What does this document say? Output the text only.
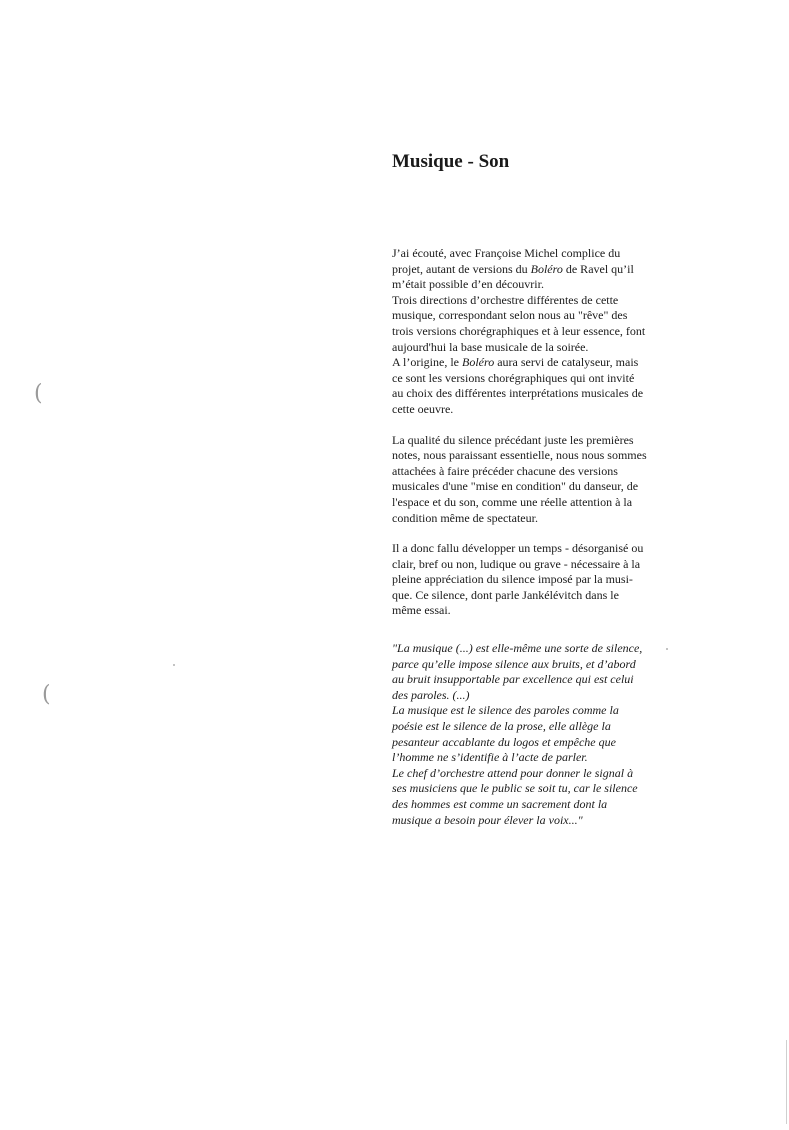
Musique - Son

J’ai écouté, avec Françoise Michel complice du
projet, autant de versions du Boléro de Ravel qu’il
m’était possible d’en découvrir.
Trois directions d’orchestre différentes de cette
musique, correspondant selon nous au "rêve" des
trois versions chorégraphiques et à leur essence, font
aujourd'hui la base musicale de la soirée.
A l’origine, le Boléro aura servi de catalyseur, mais
ce sont les versions chorégraphiques qui ont invité
au choix des différentes interprétations musicales de
cette oeuvre.

La qualité du silence précédant juste les premières
notes, nous paraissant essentielle, nous nous sommes
attachées à faire précéder chacune des versions
musicales d'une "mise en condition" du danseur, de
l'espace et du son, comme une réelle attention à la
condition même de spectateur.

Il a donc fallu développer un temps - désorganisé ou
clair, bref ou non, ludique ou grave - nécessaire à la
pleine appréciation du silence imposé par la musi-
que. Ce silence, dont parle Jankélévitch dans le
même essai.

"La musique (...) est elle-même une sorte de silence,
parce qu’elle impose silence aux bruits, et d’abord
au bruit insupportable par excellence qui est celui
des paroles. (...)
La musique est le silence des paroles comme la
poésie est le silence de la prose, elle allège la
pesanteur accablante du logos et empêche que
l’homme ne s’identifie à l’acte de parler.
Le chef d’orchestre attend pour donner le signal à
ses musiciens que le public se soit tu, car le silence
des hommes est comme un sacrement dont la
musique a besoin pour élever la voix..."
(
(
